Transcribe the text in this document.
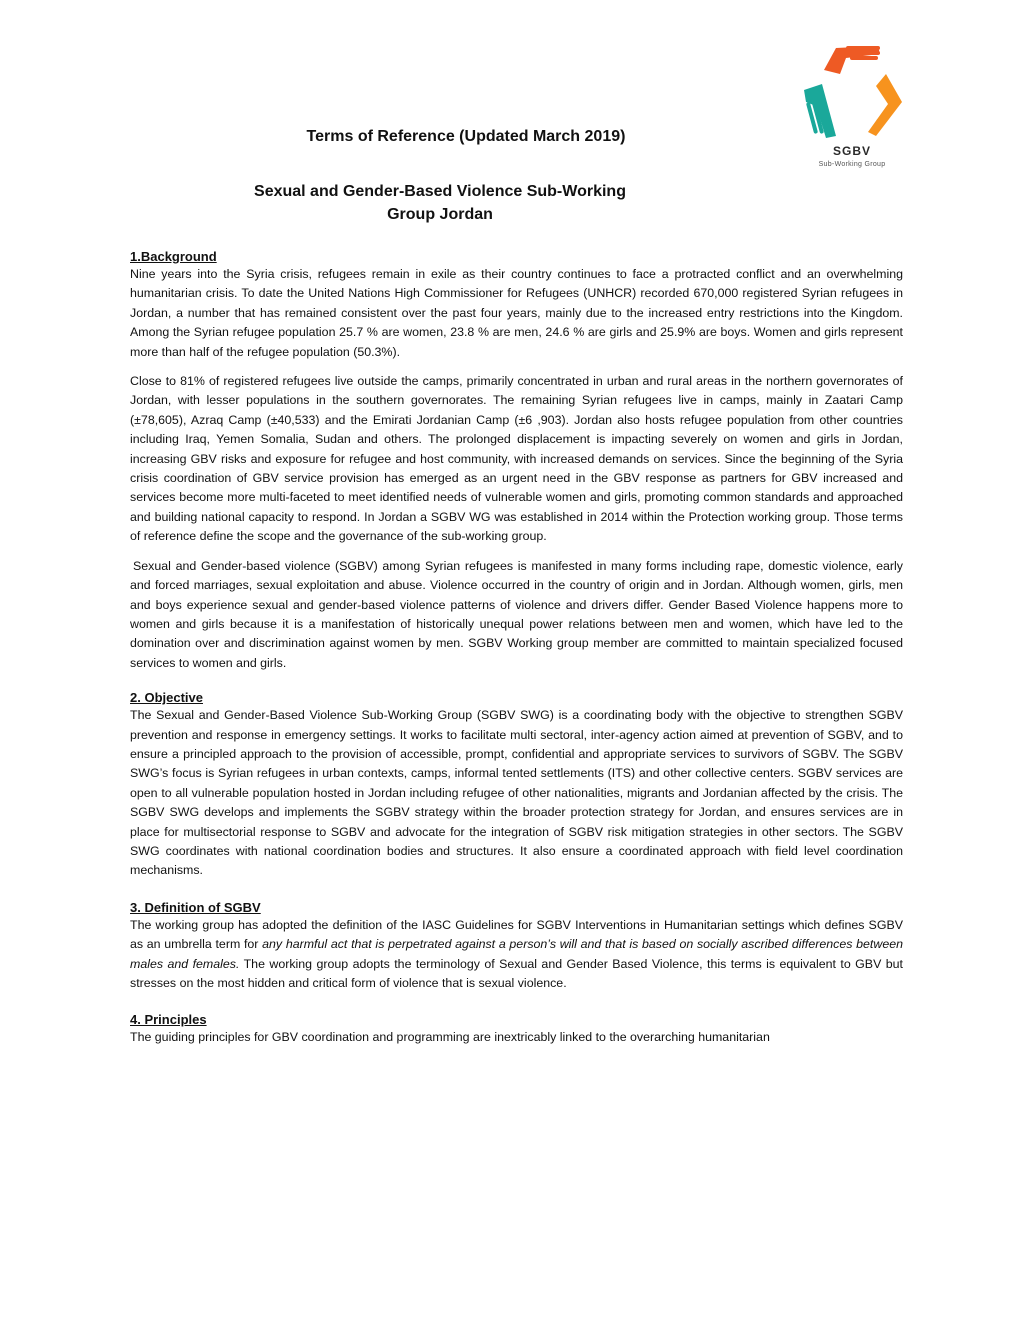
SGBV
Sub-Working Group
Terms of Reference (Updated March 2019)
Sexual and Gender-Based Violence Sub-Working
Group Jordan
1.Background

Nine years into the Syria crisis, refugees remain in exile as their country continues to face a protracted conflict and an overwhelming humanitarian crisis. To date the United Nations High Commissioner for Refugees (UNHCR) recorded 670,000 registered Syrian refugees in Jordan, a number that has remained consistent over the past four years, mainly due to the increased entry restrictions into the Kingdom. Among the Syrian refugee population 25.7 % are women, 23.8 % are men, 24.6 % are girls and 25.9% are boys. Women and girls represent more than half of the refugee population (50.3%).

Close to 81% of registered refugees live outside the camps, primarily concentrated in urban and rural areas in the northern governorates of Jordan, with lesser populations in the southern governorates. The remaining Syrian refugees live in camps, mainly in Zaatari Camp (±78,605), Azraq Camp (±40,533) and the Emirati Jordanian Camp (±6 ,903). Jordan also hosts refugee population from other countries including Iraq, Yemen Somalia, Sudan and others. The prolonged displacement is impacting severely on women and girls in Jordan, increasing GBV risks and exposure for refugee and host community, with increased demands on services. Since the beginning of the Syria crisis coordination of GBV service provision has emerged as an urgent need in the GBV response as partners for GBV increased and services become more multi-faceted to meet identified needs of vulnerable women and girls, promoting common standards and approached and building national capacity to respond. In Jordan a SGBV WG was established in 2014 within the Protection working group. Those terms of reference define the scope and the governance of the sub-working group.

Sexual and Gender-based violence (SGBV) among Syrian refugees is manifested in many forms including rape, domestic violence, early and forced marriages, sexual exploitation and abuse. Violence occurred in the country of origin and in Jordan. Although women, girls, men and boys experience sexual and gender-based violence patterns of violence and drivers differ. Gender Based Violence happens more to women and girls because it is a manifestation of historically unequal power relations between men and women, which have led to the domination over and discrimination against women by men. SGBV Working group member are committed to maintain specialized focused services to women and girls.

2. Objective

The Sexual and Gender-Based Violence Sub-Working Group (SGBV SWG) is a coordinating body with the objective to strengthen SGBV prevention and response in emergency settings. It works to facilitate multi sectoral, inter-agency action aimed at prevention of SGBV, and to ensure a principled approach to the provision of accessible, prompt, confidential and appropriate services to survivors of SGBV. The SGBV SWG’s focus is Syrian refugees in urban contexts, camps, informal tented settlements (ITS) and other collective centers. SGBV services are open to all vulnerable population hosted in Jordan including refugee of other nationalities, migrants and Jordanian affected by the crisis. The SGBV SWG develops and implements the SGBV strategy within the broader protection strategy for Jordan, and ensures services are in place for multisectorial response to SGBV and advocate for the integration of SGBV risk mitigation strategies in other sectors. The SGBV SWG coordinates with national coordination bodies and structures. It also ensure a coordinated approach with field level coordination mechanisms.

3. Definition of SGBV

The working group has adopted the definition of the IASC Guidelines for SGBV Interventions in Humanitarian settings which defines SGBV as an umbrella term for any harmful act that is perpetrated against a person’s will and that is based on socially ascribed differences between males and females. The working group adopts the terminology of Sexual and Gender Based Violence, this terms is equivalent to GBV but stresses on the most hidden and critical form of violence that is sexual violence.

4. Principles

The guiding principles for GBV coordination and programming are inextricably linked to the overarching humanitarian
